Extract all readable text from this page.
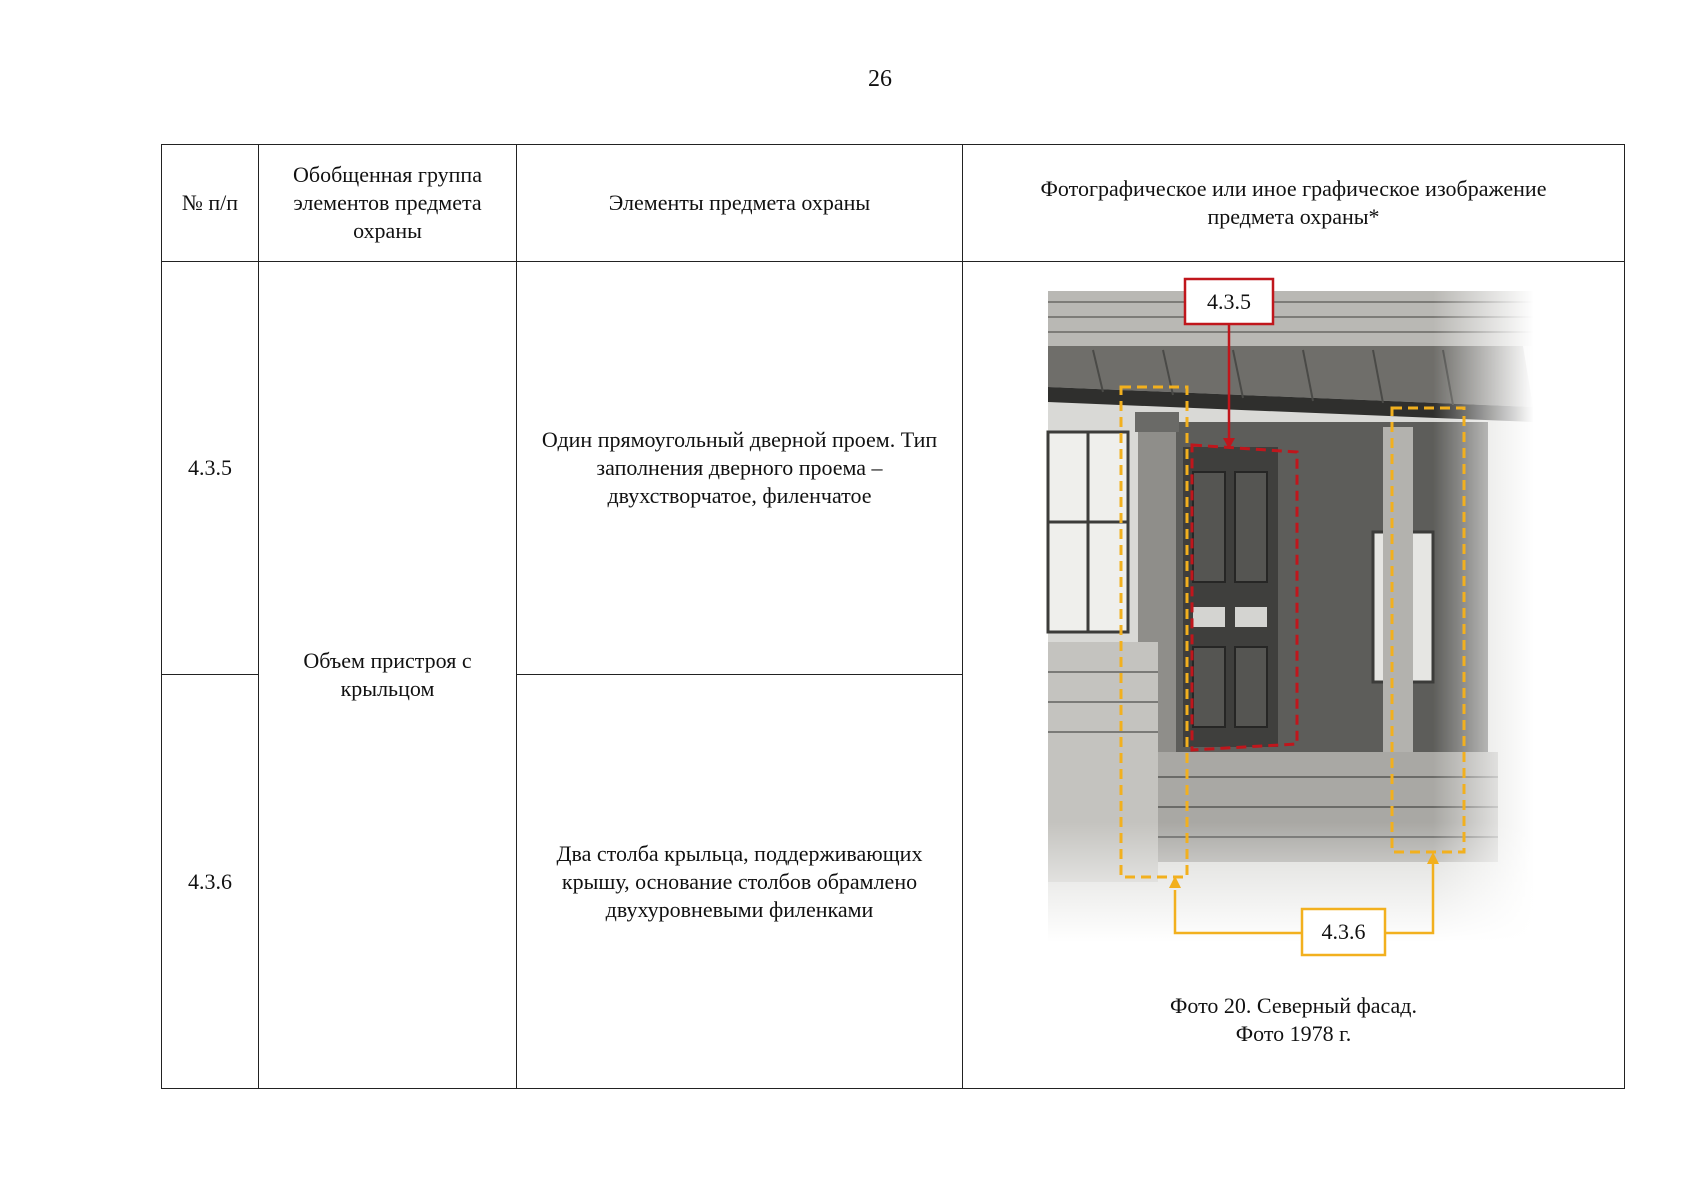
26
№ п/п	Обобщенная группа элементов предмета охраны	Элементы предмета охраны	Фотографическое или иное графическое изображение предмета охраны*
4.3.5	Объем пристроя с крыльцом	Один прямоугольный дверной проем. Тип заполнения дверного проема – двухстворчатое, филенчатое	4.3.5
4.3.6
Фото 20. Северный фасад.
Фото 1978 г.

4.3.6		Два столба крыльца, поддерживающих крышу, основание столбов обрамлено двухуровневыми филенками	
